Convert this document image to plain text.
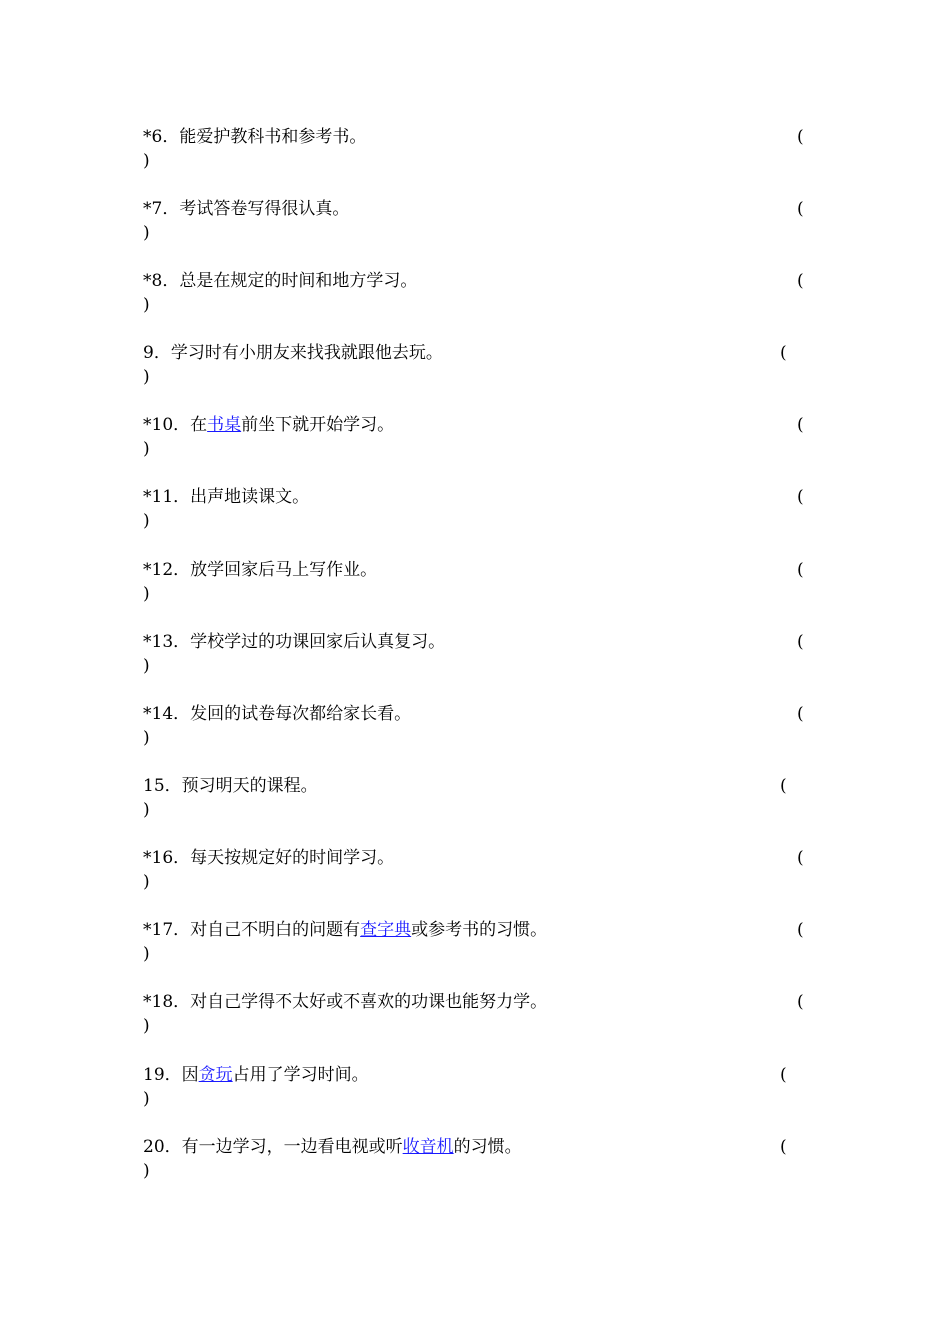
*6．能爱护教科书和参考书。	(
)
*7．考试答卷写得很认真。	(
)
*8．总是在规定的时间和地方学习。	(
)
9．学习时有小朋友来找我就跟他去玩。	(
)
*10．在书桌前坐下就开始学习。	(
)
*11．出声地读课文。	(
)
*12．放学回家后马上写作业。	(
)
*13．学校学过的功课回家后认真复习。	(
)
*14．发回的试卷每次都给家长看。	(
)
15．预习明天的课程。	(
)
*16．每天按规定好的时间学习。	(
)
*17．对自己不明白的问题有查字典或参考书的习惯。	(
)
*18．对自己学得不太好或不喜欢的功课也能努力学。	(
)
19．因贪玩占用了学习时间。	(
)
20．有一边学习，一边看电视或听收音机的习惯。	(
)
